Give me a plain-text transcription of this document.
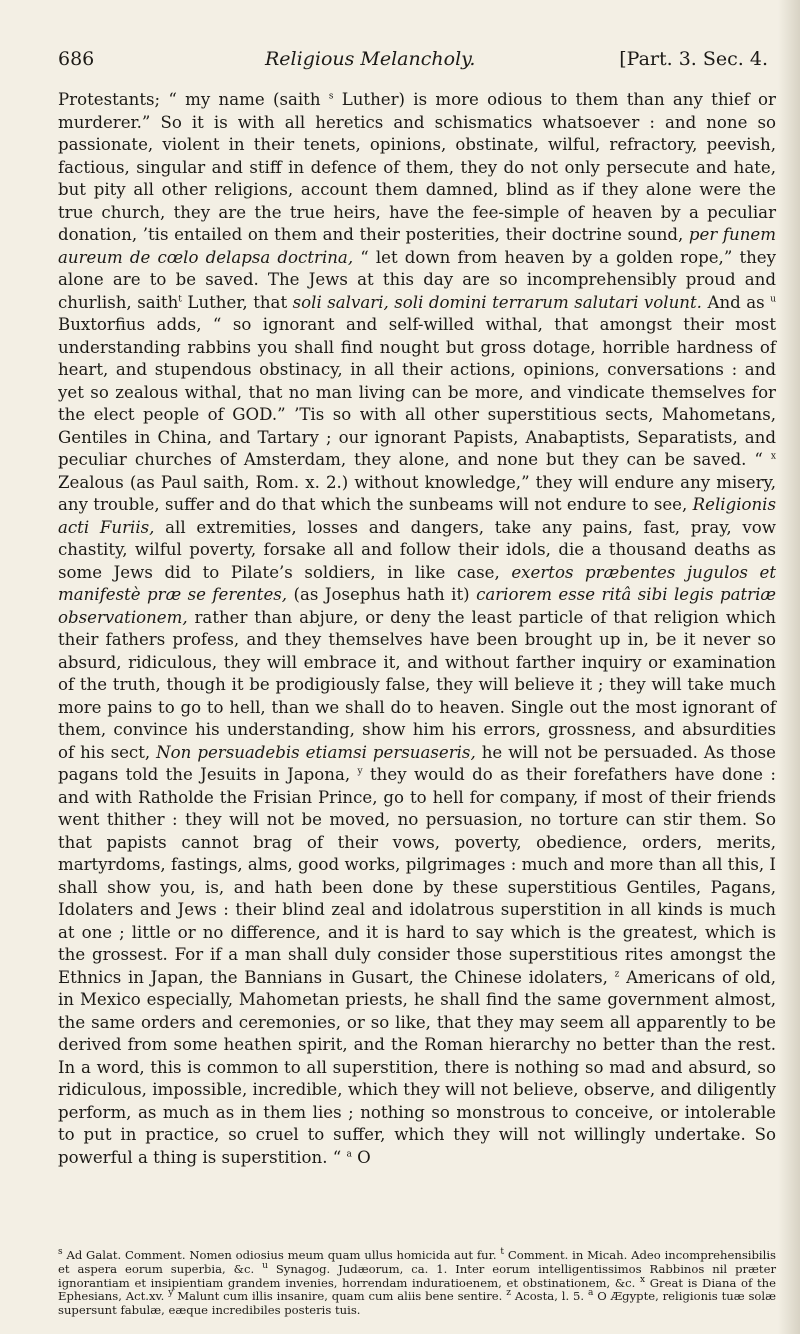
686	Religious Melancholy.	[Part. 3. Sec. 4.

Protestants; “ my name (saith $^s$ Luther) is more odious to them than any thief or murderer.” So it is with all heretics and schismatics whatsoever : and none so passionate, violent in their tenets, opinions, obstinate, wilful, refractory, peevish, factious, singular and stiff in defence of them, they do not only persecute and hate, but pity all other religions, account them damned, blind as if they alone were the true church, they are the true heirs, have the fee-simple of heaven by a peculiar donation, ’tis entailed on them and their posterities, their doctrine sound, per funem aureum de cœlo delapsa doctrina, “ let down from heaven by a golden rope,” they alone are to be saved. The Jews at this day are so incomprehensibly proud and churlish, saith$^t$ Luther, that soli salvari, soli domini terrarum salutari volunt. And as $^u$ Buxtorfius adds, “ so ignorant and self-willed withal, that amongst their most understanding rabbins you shall find nought but gross dotage, horrible hardness of heart, and stupendous obstinacy, in all their actions, opinions, conversations : and yet so zealous withal, that no man living can be more, and vindicate themselves for the elect people of GOD.” ’Tis so with all other superstitious sects, Mahometans, Gentiles in China, and Tartary ; our ignorant Papists, Anabaptists, Separatists, and peculiar churches of Amsterdam, they alone, and none but they can be saved. “ $^x$ Zealous (as Paul saith, Rom. x. 2.) without knowledge,” they will endure any misery, any trouble, suffer and do that which the sunbeams will not endure to see, Religionis acti Furiis, all extremities, losses and dangers, take any pains, fast, pray, vow chastity, wilful poverty, forsake all and follow their idols, die a thousand deaths as some Jews did to Pilate’s soldiers, in like case, exertos præbentes jugulos et manifestè præ se ferentes, (as Josephus hath it) cariorem esse ritâ sibi legis patriæ observationem, rather than abjure, or deny the least particle of that religion which their fathers profess, and they themselves have been brought up in, be it never so absurd, ridiculous, they will embrace it, and without farther inquiry or examination of the truth, though it be prodigiously false, they will believe it ; they will take much more pains to go to hell, than we shall do to heaven. Single out the most ignorant of them, convince his understanding, show him his errors, grossness, and absurdities of his sect, Non persuadebis etiamsi persuaseris, he will not be persuaded. As those pagans told the Jesuits in Japona, $^y$ they would do as their forefathers have done : and with Ratholde the Frisian Prince, go to hell for company, if most of their friends went thither : they will not be moved, no persuasion, no torture can stir them. So that papists cannot brag of their vows, poverty, obedience, orders, merits, martyrdoms, fastings, alms, good works, pilgrimages : much and more than all this, I shall show you, is, and hath been done by these superstitious Gentiles, Pagans, Idolaters and Jews : their blind zeal and idolatrous superstition in all kinds is much at one ; little or no difference, and it is hard to say which is the greatest, which is the grossest. For if a man shall duly consider those superstitious rites amongst the Ethnics in Japan, the Bannians in Gusart, the Chinese idolaters, $^z$ Americans of old, in Mexico especially, Mahometan priests, he shall find the same government almost, the same orders and ceremonies, or so like, that they may seem all apparently to be derived from some heathen spirit, and the Roman hierarchy no better than the rest. In a word, this is common to all superstition, there is nothing so mad and absurd, so ridiculous, impossible, incredible, which they will not believe, observe, and diligently perform, as much as in them lies ; nothing so monstrous to conceive, or intolerable to put in practice, so cruel to suffer, which they will not willingly undertake. So powerful a thing is superstition. “ $^a$ O

$^s$ Ad Galat. Comment. Nomen odiosius meum quam ullus homicida aut fur. $^t$ Comment. in Micah. Adeo incomprehensibilis et aspera eorum superbia, &c. $^u$ Synagog. Judæorum, ca. 1. Inter eorum intelligentissimos Rabbinos nil præter ignorantiam et insipientiam grandem invenies, horrendam induratioenem, et obstinationem, &c. $^x$ Great is Diana of the Ephesians, Act.xv. $^y$ Malunt cum illis insanire, quam cum aliis bene sentire. $^z$ Acosta, l. 5. $^a$ O Ægypte, religionis tuæ solæ supersunt fabulæ, eæque incredibiles posteris tuis.
